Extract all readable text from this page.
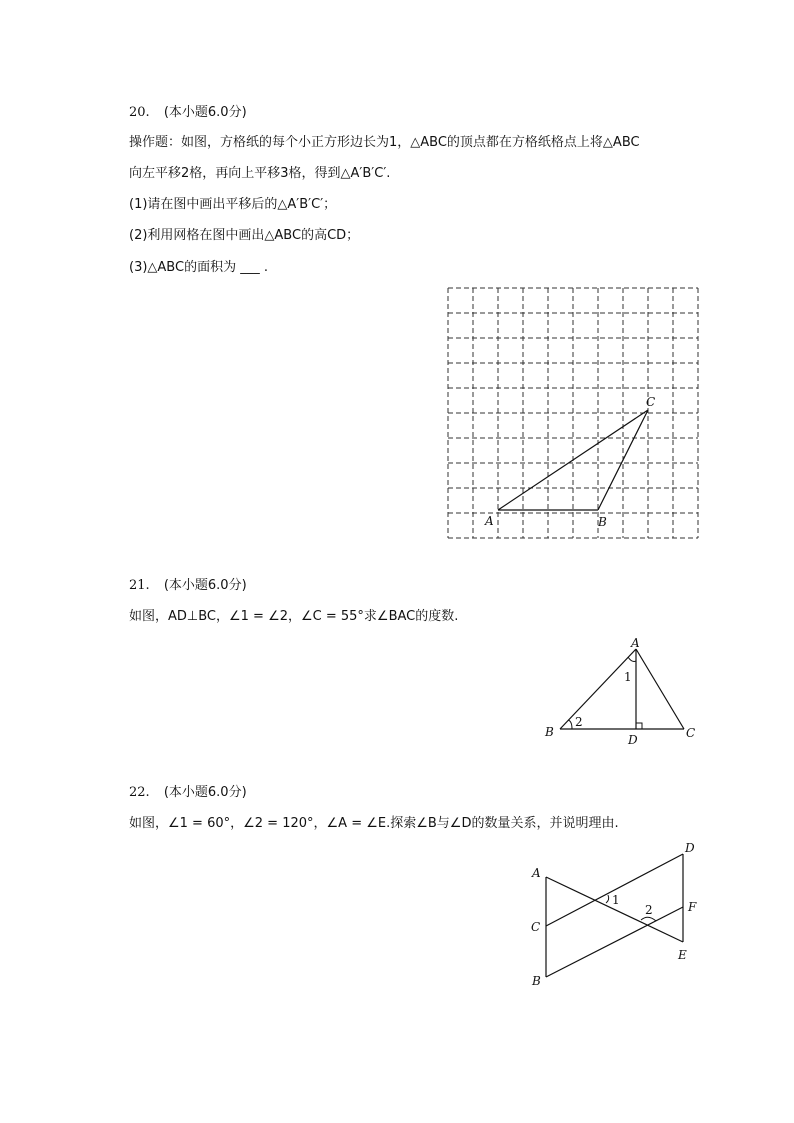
20. (本小题6.0分)
操作题：如图，方格纸的每个小正方形边长为1，△ABC的顶点都在方格纸格点上将△ABC
向左平移2格，再向上平移3格，得到△A′B′C′.
(1)请在图中画出平移后的△A′B′C′；
(2)利用网格在图中画出△ABC的高CD；
(3)△ABC的面积为 ___ .
A	B
C
21. (本小题6.0分)
如图，AD⊥BC，∠1 = ∠2，∠C = 55°求∠BAC的度数.
A
B	C
D
1
2
22. (本小题6.0分)
如图，∠1 = 60°，∠2 = 120°，∠A = ∠E.探索∠B与∠D的数量关系，并说明理由.
A
B
C
D
E
F
1
2
